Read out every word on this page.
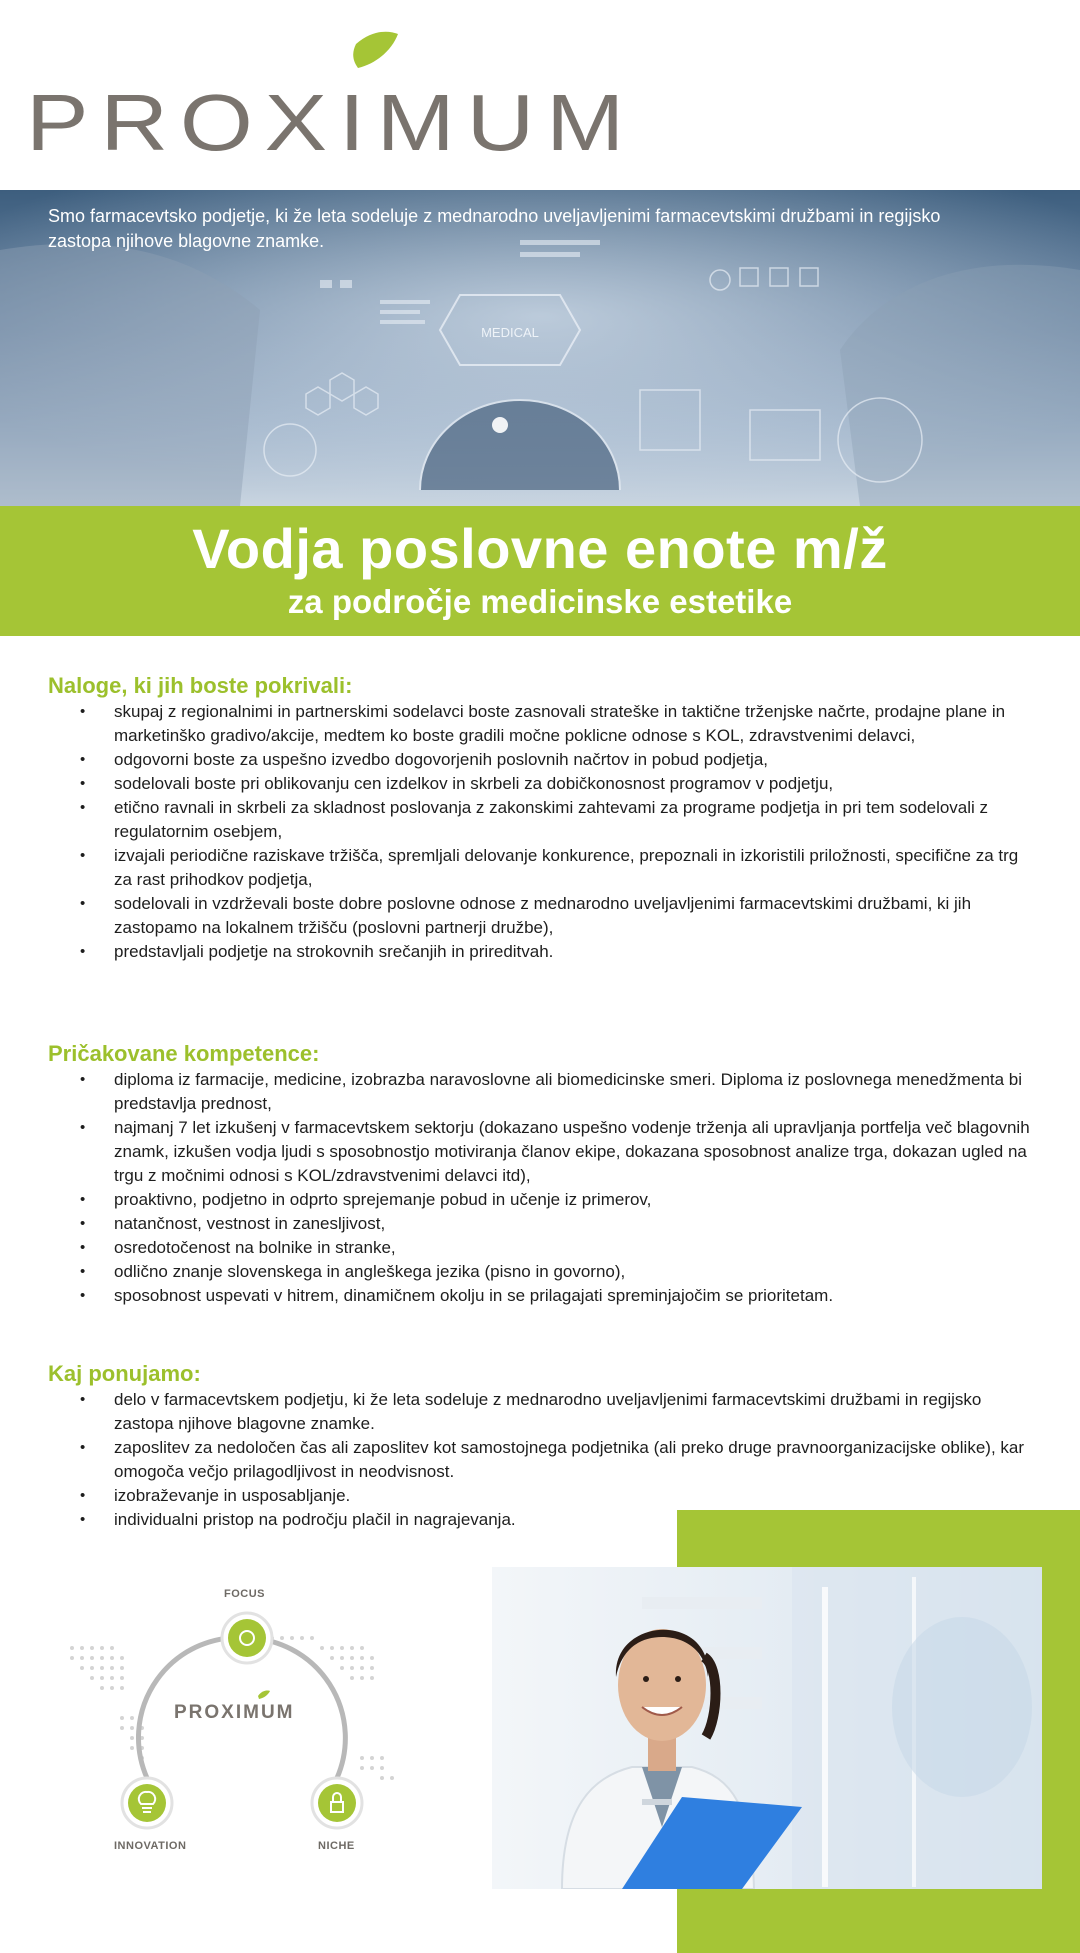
PROXIMUM
MEDICAL
Smo farmacevtsko podjetje, ki že leta sodeluje z mednarodno uveljavljenimi farmacevtskimi družbami in regijsko zastopa njihove blagovne znamke.
Vodja poslovne enote m/ž
za področje medicinske estetike
Naloge, ki jih boste pokrivali:
• skupaj z regionalnimi in partnerskimi sodelavci boste zasnovali strateške in taktične trženjske načrte, prodajne plane in marketinško gradivo/akcije, medtem ko boste gradili močne poklicne odnose s KOL, zdravstvenimi delavci,
• odgovorni boste za uspešno izvedbo dogovorjenih poslovnih načrtov in pobud podjetja,
• sodelovali boste pri oblikovanju cen izdelkov in skrbeli za dobičkonosnost programov v podjetju,
• etično ravnali in skrbeli za skladnost poslovanja z zakonskimi zahtevami za programe podjetja in pri tem sodelovali z regulatornim osebjem,
• izvajali periodične raziskave tržišča, spremljali delovanje konkurence, prepoznali in izkoristili priložnosti, specifične za trg za rast prihodkov podjetja,
• sodelovali in vzdrževali boste dobre poslovne odnose z mednarodno uveljavljenimi farmacevtskimi družbami, ki jih zastopamo na lokalnem tržišču (poslovni partnerji družbe),
• predstavljali podjetje na strokovnih srečanjih in prireditvah.
Pričakovane kompetence:
• diploma iz farmacije, medicine, izobrazba naravoslovne ali biomedicinske smeri. Diploma iz poslovnega menedžmenta bi predstavlja prednost,
• najmanj 7 let izkušenj v farmacevtskem sektorju (dokazano uspešno vodenje trženja ali upravljanja portfelja več blagovnih znamk, izkušen vodja ljudi s sposobnostjo motiviranja članov ekipe, dokazana sposobnost analize trga, dokazan ugled na trgu z močnimi odnosi s KOL/zdravstvenimi delavci itd),
• proaktivno, podjetno in odprto sprejemanje pobud in učenje iz primerov,
• natančnost, vestnost in zanesljivost,
• osredotočenost na bolnike in stranke,
• odlično znanje slovenskega in angleškega jezika (pisno in govorno),
• sposobnost uspevati v hitrem, dinamičnem okolju in se prilagajati spreminjajočim se prioritetam.
Kaj ponujamo:
• delo v farmacevtskem podjetju, ki že leta sodeluje z mednarodno uveljavljenimi farmacevtskimi družbami in regijsko zastopa njihove blagovne znamke.
• zaposlitev za nedoločen čas ali zaposlitev kot samostojnega podjetnika (ali preko druge pravnoorganizacijske oblike), kar omogoča večjo prilagodljivost in neodvisnost.
• izobraževanje in usposabljanje.
• individualni pristop na področju plačil in nagrajevanja.
FOCUS
PROXIMUM
INNOVATION	NICHE
